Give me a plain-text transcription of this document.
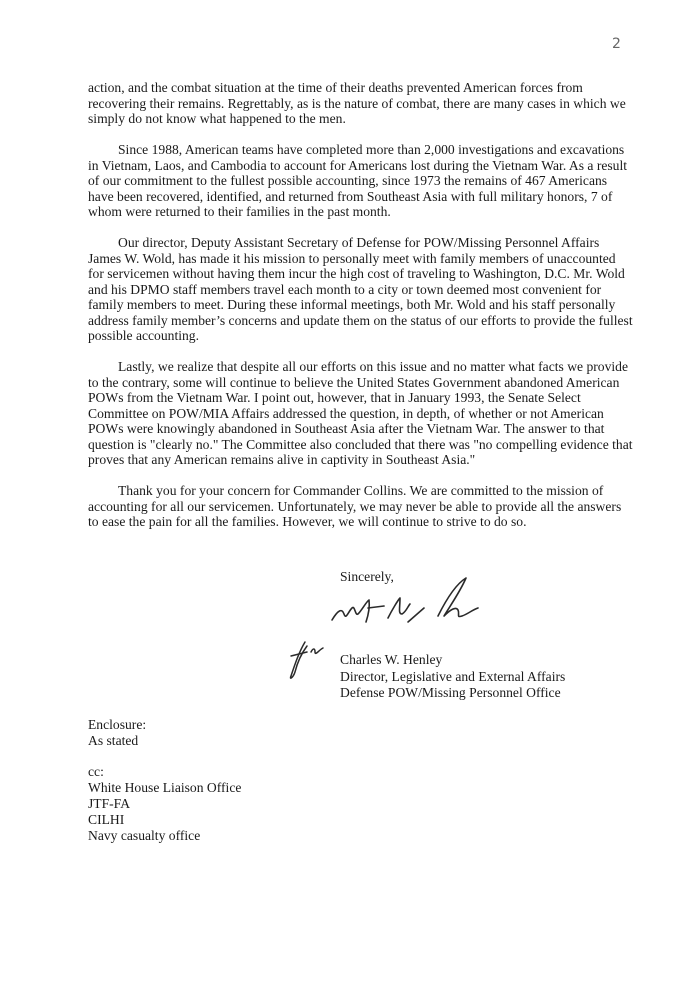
2

action, and the combat situation at the time of their deaths prevented American forces from recovering their remains. Regrettably, as is the nature of combat, there are many cases in which we simply do not know what happened to the men.

Since 1988, American teams have completed more than 2,000 investigations and excavations in Vietnam, Laos, and Cambodia to account for Americans lost during the Vietnam War. As a result of our commitment to the fullest possible accounting, since 1973 the remains of 467 Americans have been recovered, identified, and returned from Southeast Asia with full military honors, 7 of whom were returned to their families in the past month.

Our director, Deputy Assistant Secretary of Defense for POW/Missing Personnel Affairs James W. Wold, has made it his mission to personally meet with family members of unaccounted for servicemen without having them incur the high cost of traveling to Washington, D.C. Mr. Wold and his DPMO staff members travel each month to a city or town deemed most convenient for family members to meet. During these informal meetings, both Mr. Wold and his staff personally address family member’s concerns and update them on the status of our efforts to provide the fullest possible accounting.

Lastly, we realize that despite all our efforts on this issue and no matter what facts we provide to the contrary, some will continue to believe the United States Government abandoned American POWs from the Vietnam War. I point out, however, that in January 1993, the Senate Select Committee on POW/MIA Affairs addressed the question, in depth, of whether or not American POWs were knowingly abandoned in Southeast Asia after the Vietnam War. The answer to that question is "clearly no." The Committee also concluded that there was "no compelling evidence that proves that any American remains alive in captivity in Southeast Asia."

Thank you for your concern for Commander Collins. We are committed to the mission of accounting for all our servicemen. Unfortunately, we may never be able to provide all the answers to ease the pain for all the families. However, we will continue to strive to do so.

Sincerely,
Charles W. Henley
Director, Legislative and External Affairs
Defense POW/Missing Personnel Office
Enclosure:
As stated
cc:
White House Liaison Office
JTF-FA
CILHI
Navy casualty office
